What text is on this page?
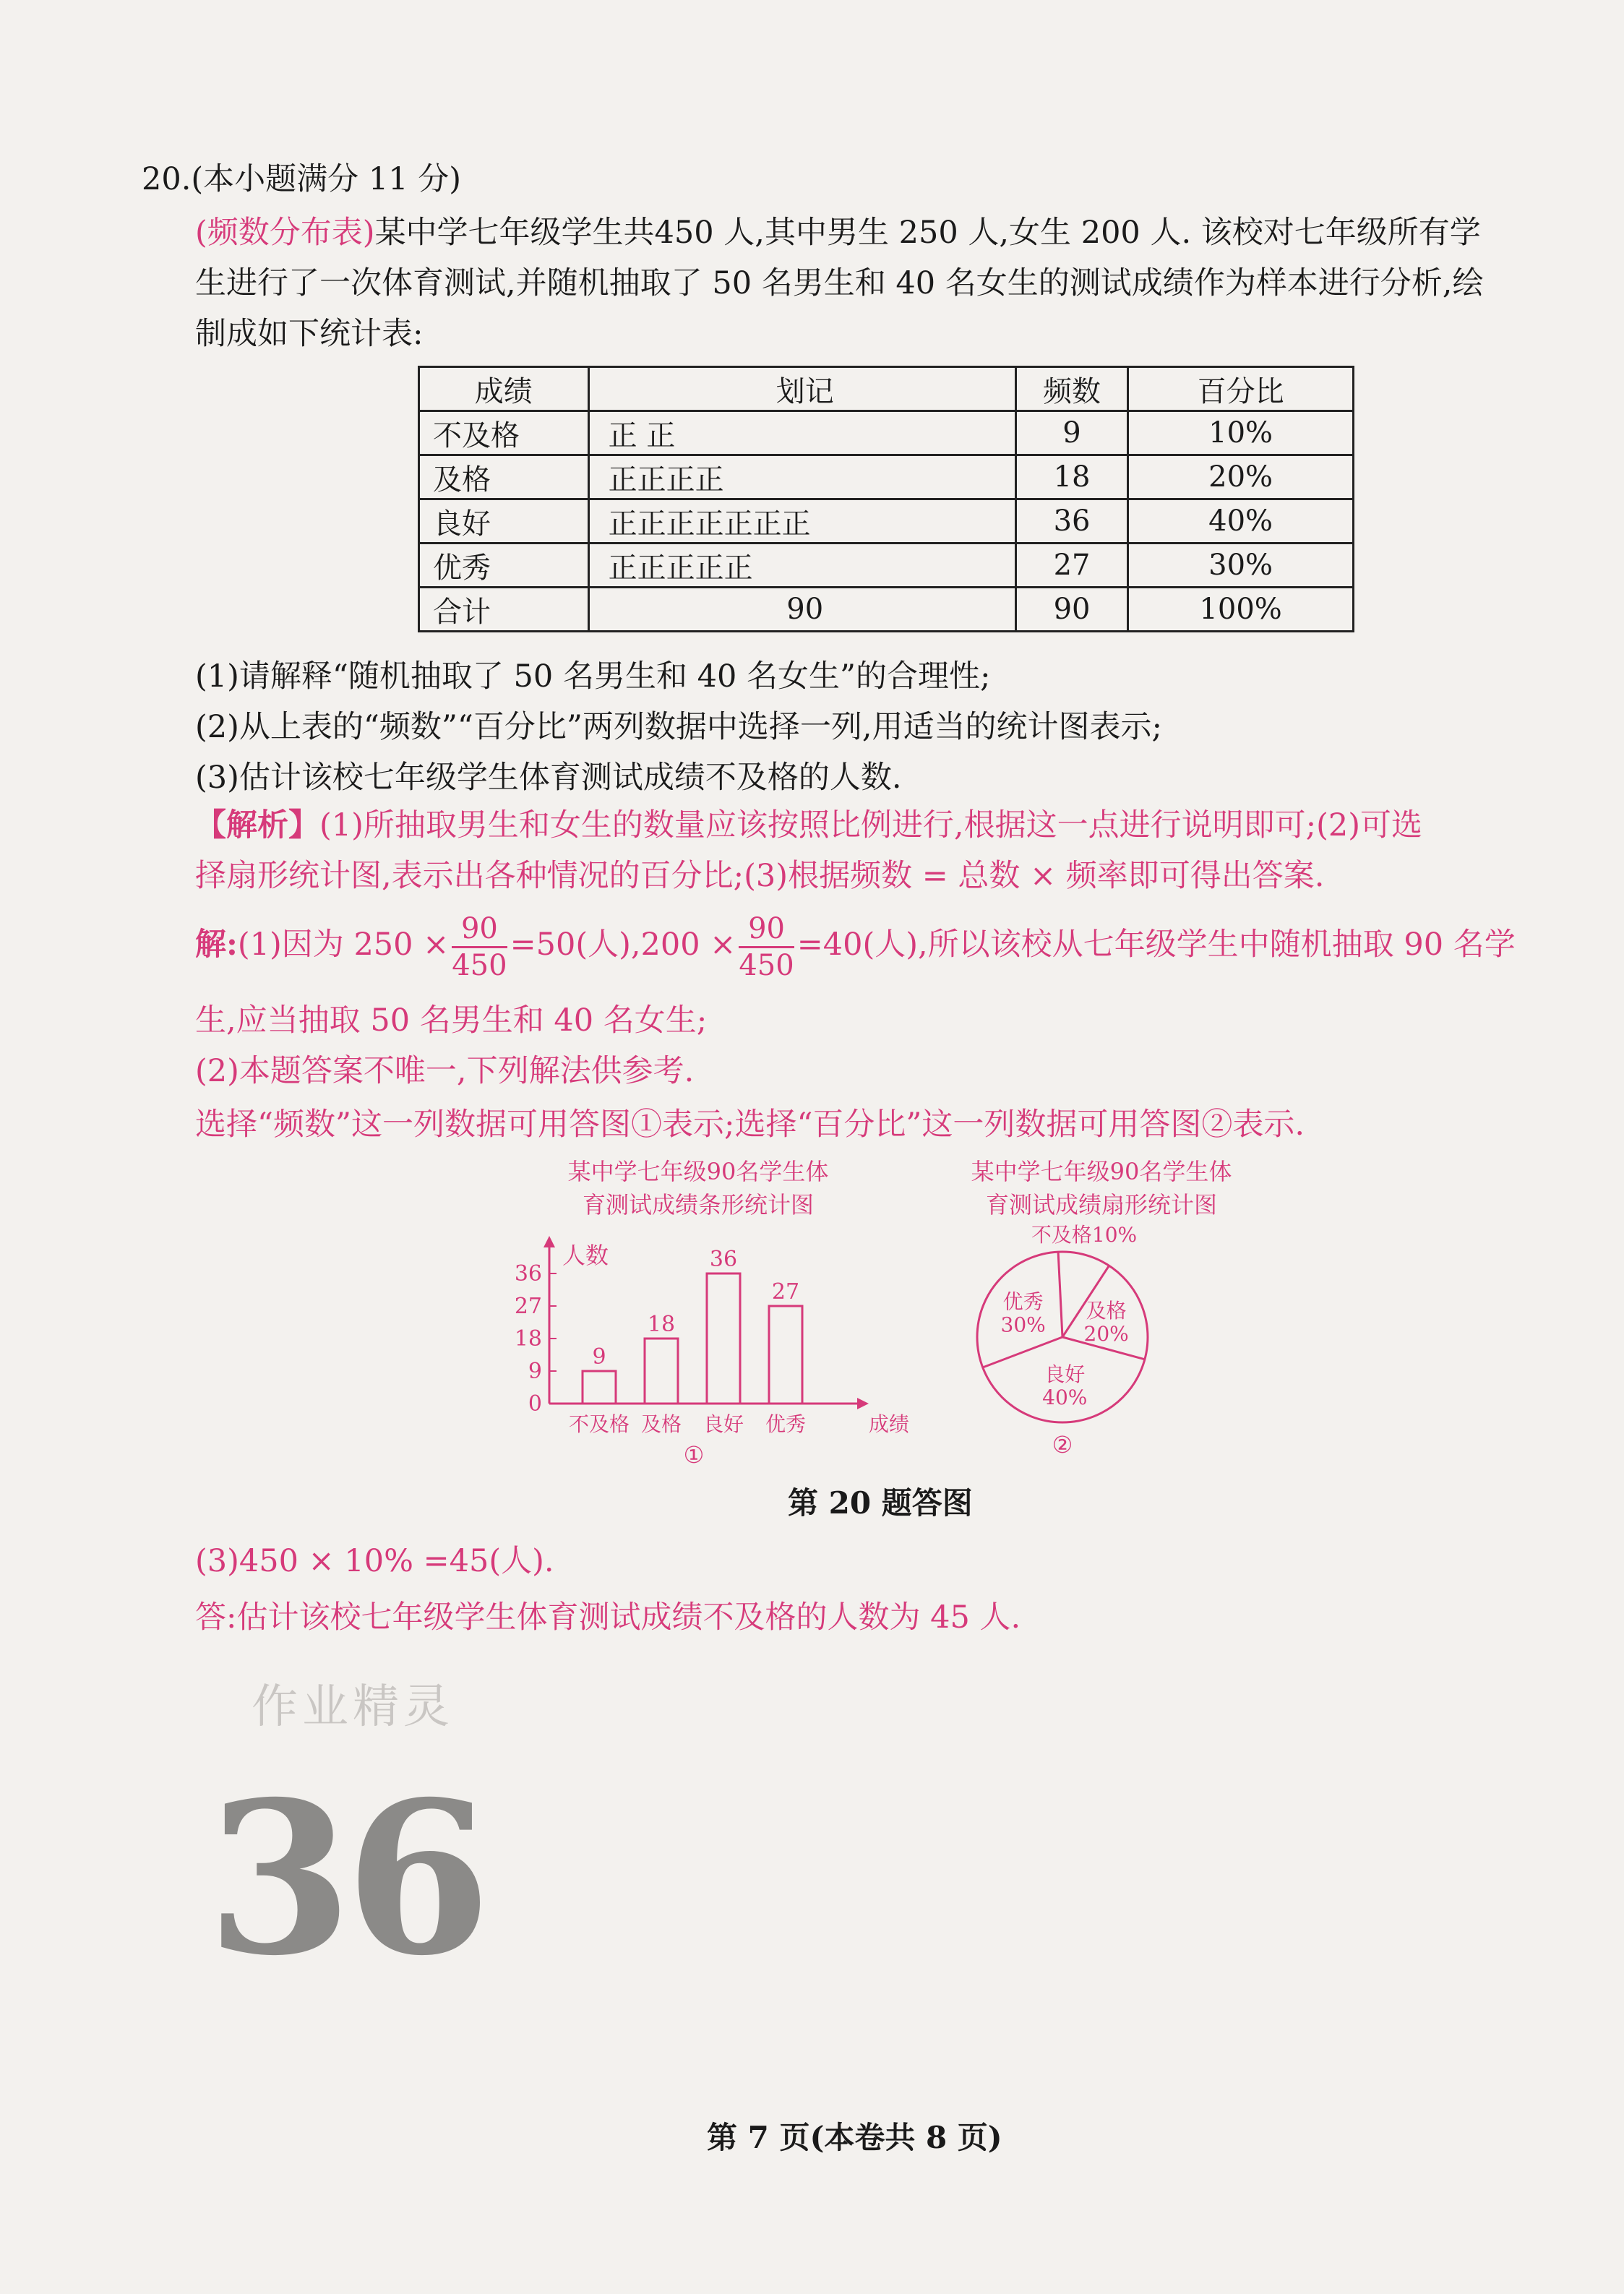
20.(本小题满分 11 分)
(频数分布表)某中学七年级学生共450 人,其中男生 250 人,女生 200 人. 该校对七年级所有学
生进行了一次体育测试,并随机抽取了 50 名男生和 40 名女生的测试成绩作为样本进行分析,绘
制成如下统计表:
成绩	划记	频数	百分比
不及格	正 正	9	10%
及格	正正正正	18	20%
良好	正正正正正正正	36	40%
优秀	正正正正正	27	30%
合计	90	90	100%
(1)请解释“随机抽取了 50 名男生和 40 名女生”的合理性;
(2)从上表的“频数”“百分比”两列数据中选择一列,用适当的统计图表示;
(3)估计该校七年级学生体育测试成绩不及格的人数.
【解析】(1)所抽取男生和女生的数量应该按照比例进行,根据这一点进行说明即可;(2)可选
择扇形统计图,表示出各种情况的百分比;(3)根据频数 = 总数 × 频率即可得出答案.
解:(1)因为 $250 \times \frac{90}{450} =50$(人)$,200 \times \frac{90}{450} =40$(人),所以该校从七年级学生中随机抽取 90 名学
生,应当抽取 50 名男生和 40 名女生;
(2)本题答案不唯一,下列解法供参考.
选择“频数”这一列数据可用答图①表示;选择“百分比”这一列数据可用答图②表示.
某中学七年级90名学生体
育测试成绩条形统计图
人数
成绩
0
9
18
27
36
9
不及格
18
及格
36
良好
27
优秀
①
某中学七年级90名学生体
育测试成绩扇形统计图
不及格10%
及格
20%
良好
40%
优秀
30%
②
第 20 题答图
(3)450 × 10% =45(人).
答:估计该校七年级学生体育测试成绩不及格的人数为 45 人.
作业精灵
36
第 7 页(本卷共 8 页)
